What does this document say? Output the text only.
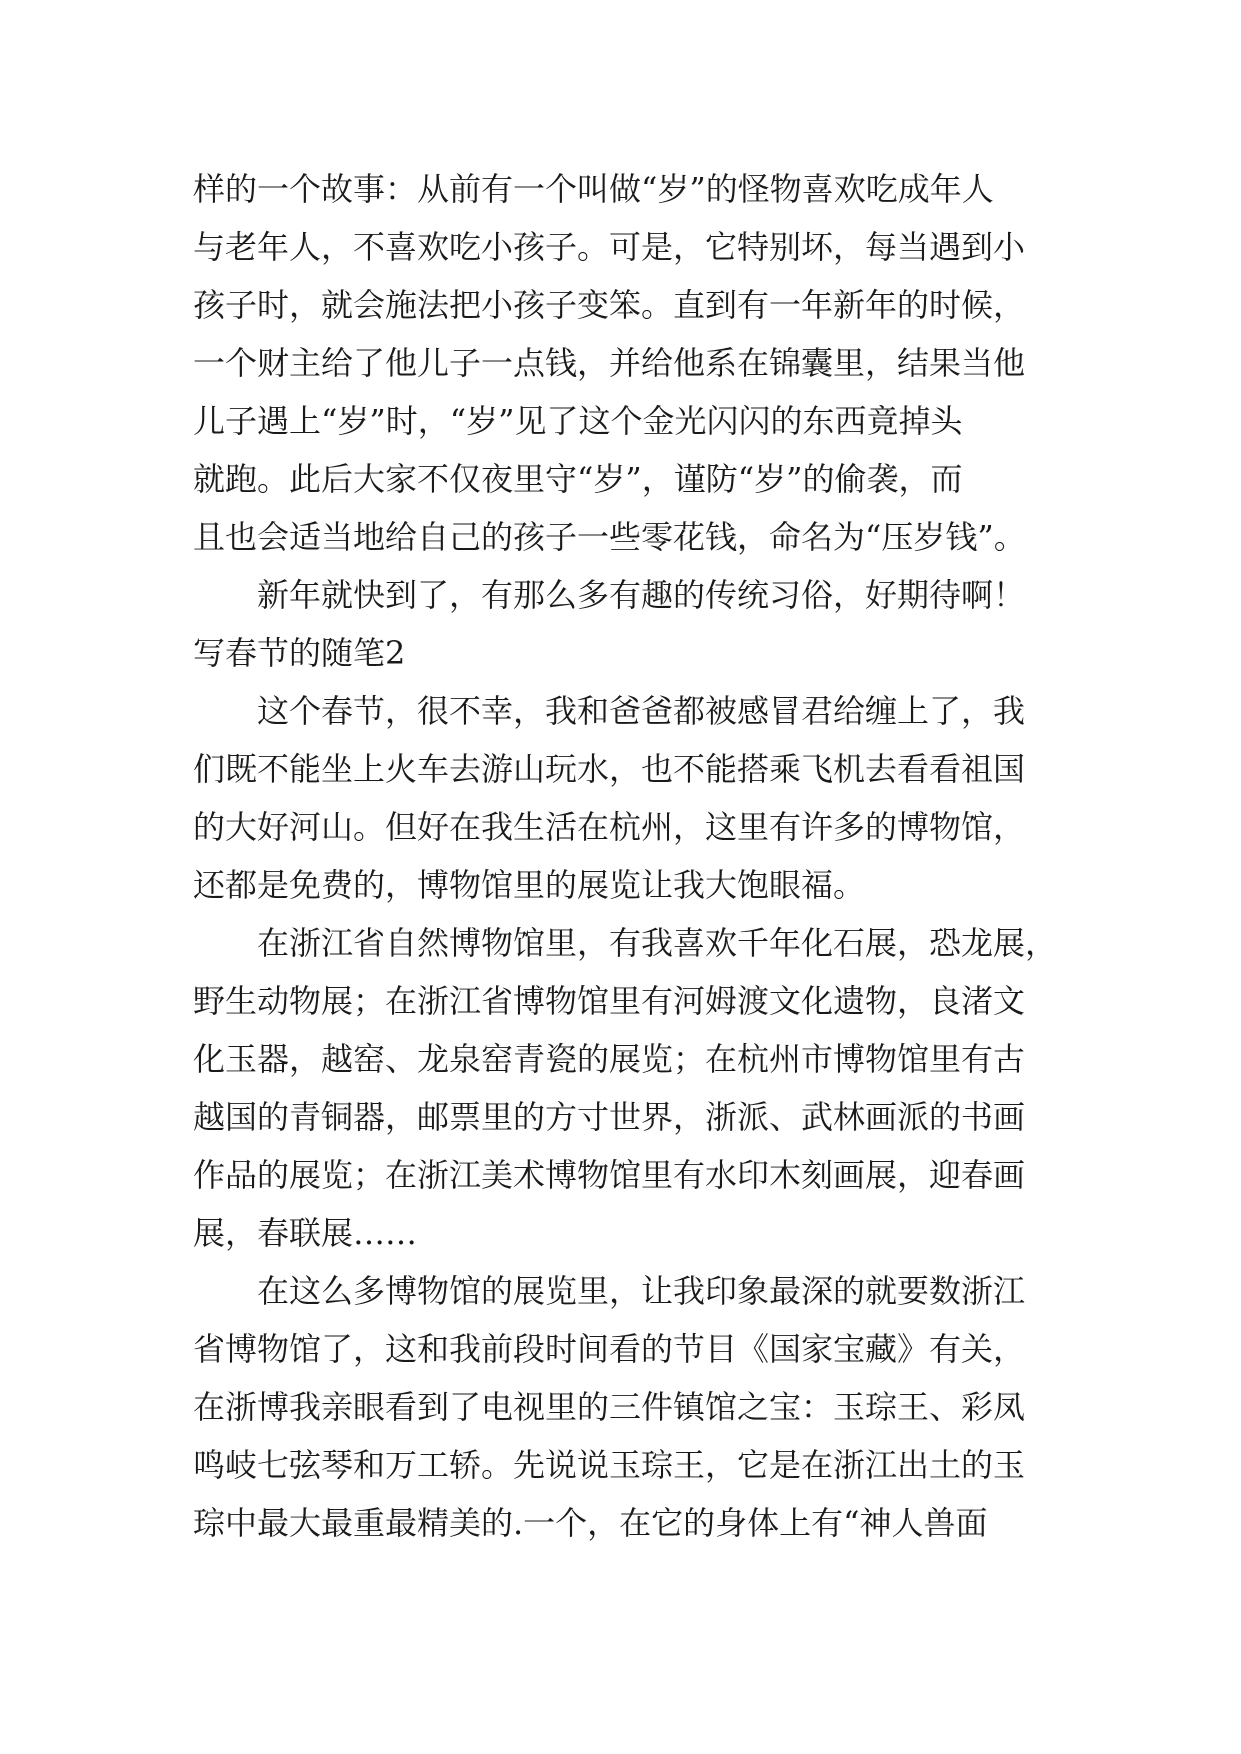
样的一个故事：从前有一个叫做“岁”的怪物喜欢吃成年人
与老年人，不喜欢吃小孩子。可是，它特别坏，每当遇到小
孩子时，就会施法把小孩子变笨。直到有一年新年的时候，
一个财主给了他儿子一点钱，并给他系在锦囊里，结果当他
儿子遇上“岁”时，“岁”见了这个金光闪闪的东西竟掉头
就跑。此后大家不仅夜里守“岁”，谨防“岁”的偷袭，而
且也会适当地给自己的孩子一些零花钱，命名为“压岁钱”。
新年就快到了，有那么多有趣的传统习俗，好期待啊！
写春节的随笔2
这个春节，很不幸，我和爸爸都被感冒君给缠上了，我
们既不能坐上火车去游山玩水，也不能搭乘飞机去看看祖国
的大好河山。但好在我生活在杭州，这里有许多的博物馆，
还都是免费的，博物馆里的展览让我大饱眼福。
在浙江省自然博物馆里，有我喜欢千年化石展，恐龙展，
野生动物展；在浙江省博物馆里有河姆渡文化遗物，良渚文
化玉器，越窑、龙泉窑青瓷的展览；在杭州市博物馆里有古
越国的青铜器，邮票里的方寸世界，浙派、武林画派的书画
作品的展览；在浙江美术博物馆里有水印木刻画展，迎春画
展，春联展……
在这么多博物馆的展览里，让我印象最深的就要数浙江
省博物馆了，这和我前段时间看的节目《国家宝藏》有关，
在浙博我亲眼看到了电视里的三件镇馆之宝：玉琮王、彩凤
鸣岐七弦琴和万工轿。先说说玉琮王，它是在浙江出土的玉
琮中最大最重最精美的.一个，在它的身体上有“神人兽面
